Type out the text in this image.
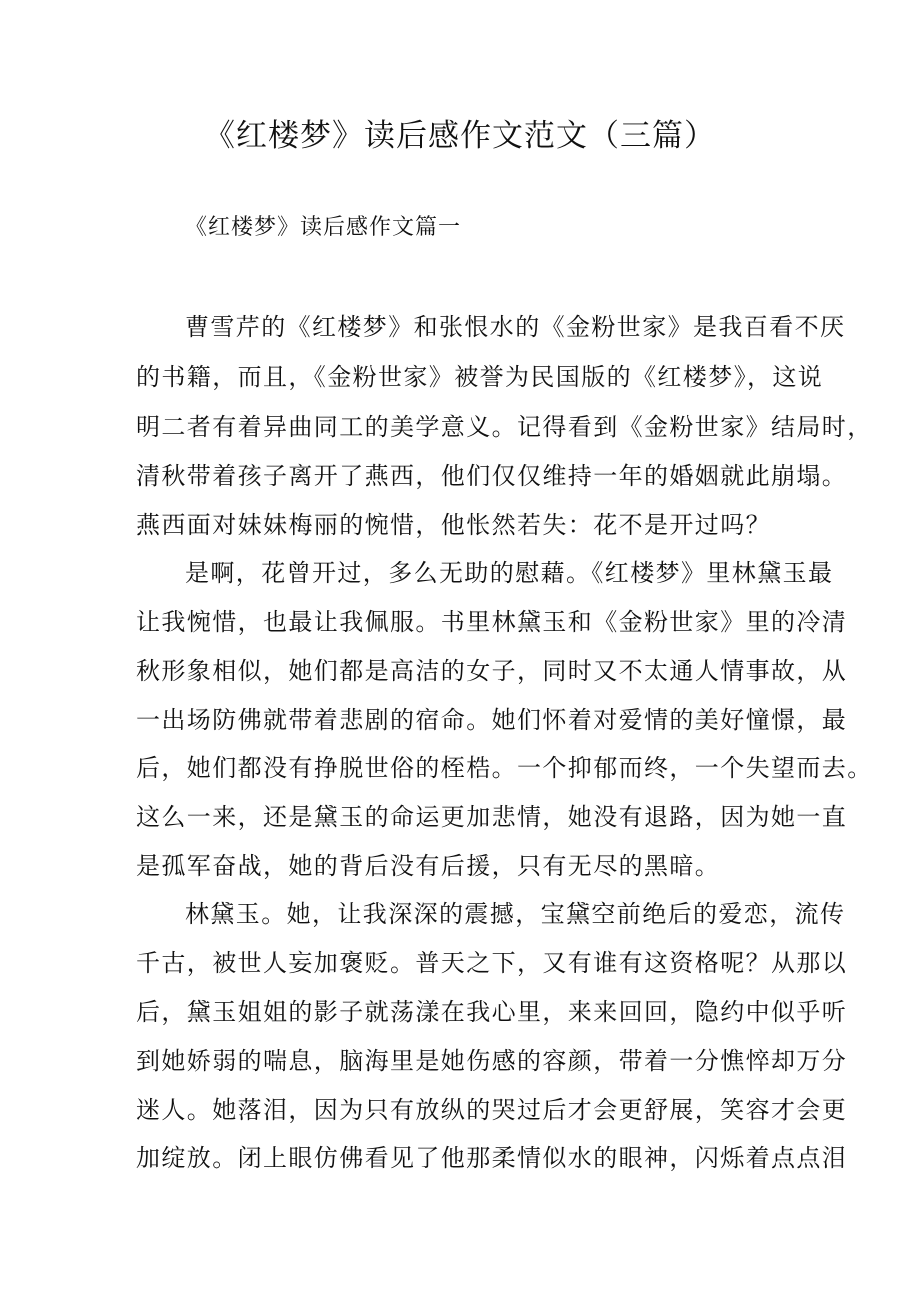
《红楼梦》读后感作文范文（三篇）
《红楼梦》读后感作文篇一
曹雪芹的《红楼梦》和张恨水的《金粉世家》是我百看不厌
的书籍，而且，《金粉世家》被誉为民国版的《红楼梦》，这说
明二者有着异曲同工的美学意义。记得看到《金粉世家》结局时，
清秋带着孩子离开了燕西，他们仅仅维持一年的婚姻就此崩塌。
燕西面对妹妹梅丽的惋惜，他怅然若失：花不是开过吗？
是啊，花曾开过，多么无助的慰藉。《红楼梦》里林黛玉最
让我惋惜，也最让我佩服。书里林黛玉和《金粉世家》里的冷清
秋形象相似，她们都是高洁的女子，同时又不太通人情事故，从
一出场防佛就带着悲剧的宿命。她们怀着对爱情的美好憧憬，最
后，她们都没有挣脱世俗的桎梏。一个抑郁而终，一个失望而去。
这么一来，还是黛玉的命运更加悲情，她没有退路，因为她一直
是孤军奋战，她的背后没有后援，只有无尽的黑暗。
林黛玉。她，让我深深的震撼，宝黛空前绝后的爱恋，流传
千古，被世人妄加褒贬。普天之下，又有谁有这资格呢？从那以
后，黛玉姐姐的影子就荡漾在我心里，来来回回，隐约中似乎听
到她娇弱的喘息，脑海里是她伤感的容颜，带着一分憔悴却万分
迷人。她落泪，因为只有放纵的哭过后才会更舒展，笑容才会更
加绽放。闭上眼仿佛看见了他那柔情似水的眼神，闪烁着点点泪
